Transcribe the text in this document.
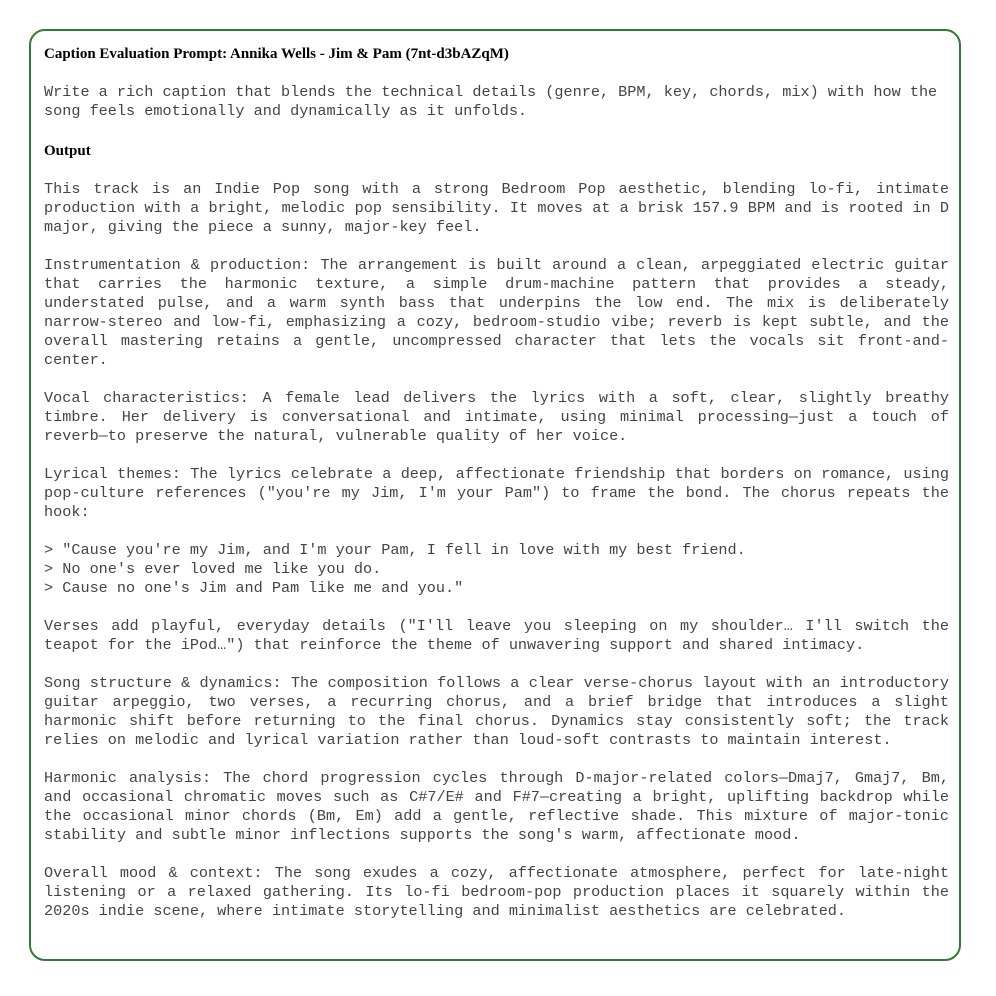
Caption Evaluation Prompt: Annika Wells - Jim & Pam (7nt-d3bAZqM)
Write a rich caption that blends the technical details (genre, BPM, key, chords, mix) with how the song feels emotionally and dynamically as it unfolds.
Output
This track is an Indie Pop song with a strong Bedroom Pop aesthetic, blending lo-fi, intimate production with a bright, melodic pop sensibility. It moves at a brisk 157.9 BPM and is rooted in D major, giving the piece a sunny, major-key feel.
Instrumentation & production: The arrangement is built around a clean, arpeggiated electric guitar that carries the harmonic texture, a simple drum-machine pattern that provides a steady, understated pulse, and a warm synth bass that underpins the low end. The mix is deliberately narrow-stereo and low-fi, emphasizing a cozy, bedroom-studio vibe; reverb is kept subtle, and the overall mastering retains a gentle, uncompressed character that lets the vocals sit front-and-center.
Vocal characteristics: A female lead delivers the lyrics with a soft, clear, slightly breathy timbre. Her delivery is conversational and intimate, using minimal processing—just a touch of reverb—to preserve the natural, vulnerable quality of her voice.
Lyrical themes: The lyrics celebrate a deep, affectionate friendship that borders on romance, using pop-culture references ("you're my Jim, I'm your Pam") to frame the bond. The chorus repeats the hook:
> "Cause you're my Jim, and I'm your Pam, I fell in love with my best friend.
> No one's ever loved me like you do.
> Cause no one's Jim and Pam like me and you."
Verses add playful, everyday details ("I'll leave you sleeping on my shoulder… I'll switch the teapot for the iPod…") that reinforce the theme of unwavering support and shared intimacy.
Song structure & dynamics: The composition follows a clear verse-chorus layout with an introductory guitar arpeggio, two verses, a recurring chorus, and a brief bridge that introduces a slight harmonic shift before returning to the final chorus. Dynamics stay consistently soft; the track relies on melodic and lyrical variation rather than loud-soft contrasts to maintain interest.
Harmonic analysis: The chord progression cycles through D-major-related colors—Dmaj7, Gmaj7, Bm, and occasional chromatic moves such as C#7/E# and F#7—creating a bright, uplifting backdrop while the occasional minor chords (Bm, Em) add a gentle, reflective shade. This mixture of major-tonic stability and subtle minor inflections supports the song's warm, affectionate mood.
Overall mood & context: The song exudes a cozy, affectionate atmosphere, perfect for late-night listening or a relaxed gathering. Its lo-fi bedroom-pop production places it squarely within the 2020s indie scene, where intimate storytelling and minimalist aesthetics are celebrated.
